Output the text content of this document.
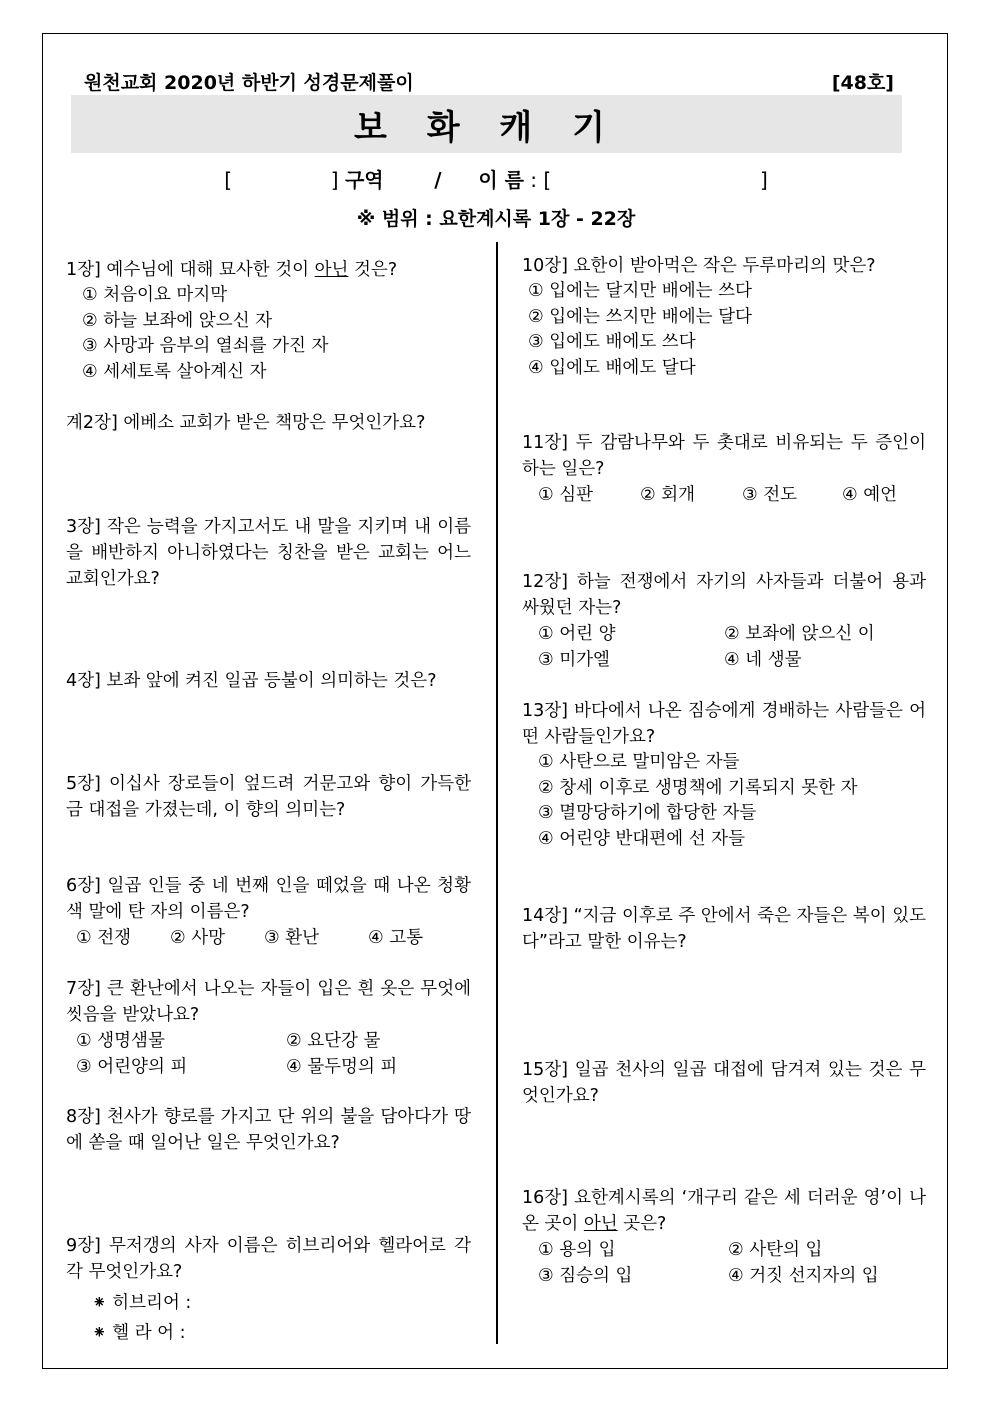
원천교회 2020년 하반기 성경문제풀이	[48호]
보 화 캐 기
[	] 구역	/ 이 름 : [	]
※ 범위 : 요한계시록 1장 - 22장
1장] 예수님에 대해 묘사한 것이 아닌 것은?
① 처음이요 마지막
② 하늘 보좌에 앉으신 자
③ 사망과 음부의 열쇠를 가진 자
④ 세세토록 살아계신 자
계2장] 에베소 교회가 받은 책망은 무엇인가요?
3장] 작은 능력을 가지고서도 내 말을 지키며 내 이름을 배반하지 아니하였다는 칭찬을 받은 교회는 어느 교회인가요?
4장] 보좌 앞에 켜진 일곱 등불이 의미하는 것은?
5장] 이십사 장로들이 엎드려 거문고와 향이 가득한 금 대접을 가졌는데, 이 향의 의미는?
6장] 일곱 인들 중 네 번째 인을 떼었을 때 나온 청황색 말에 탄 자의 이름은?
① 전쟁	② 사망	③ 환난	④ 고통
7장] 큰 환난에서 나오는 자들이 입은 흰 옷은 무엇에 씻음을 받았나요?
① 생명샘물	② 요단강 물
③ 어린양의 피	④ 물두멍의 피
8장] 천사가 향로를 가지고 단 위의 불을 담아다가 땅에 쏟을 때 일어난 일은 무엇인가요?
9장] 무저갱의 사자 이름은 히브리어와 헬라어로 각각 무엇인가요?
⁕ 히브리어 :
⁕ 헬 라 어 :
10장] 요한이 받아먹은 작은 두루마리의 맛은?
① 입에는 달지만 배에는 쓰다
② 입에는 쓰지만 배에는 달다
③ 입에도 배에도 쓰다
④ 입에도 배에도 달다
11장] 두 감람나무와 두 촛대로 비유되는 두 증인이 하는 일은?
① 심판	② 회개	③ 전도	④ 예언
12장] 하늘 전쟁에서 자기의 사자들과 더불어 용과 싸웠던 자는?
① 어린 양	② 보좌에 앉으신 이
③ 미가엘	④ 네 생물
13장] 바다에서 나온 짐승에게 경배하는 사람들은 어떤 사람들인가요?
① 사탄으로 말미암은 자들
② 창세 이후로 생명책에 기록되지 못한 자
③ 멸망당하기에 합당한 자들
④ 어린양 반대편에 선 자들
14장] “지금 이후로 주 안에서 죽은 자들은 복이 있도다”라고 말한 이유는?
15장] 일곱 천사의 일곱 대접에 담겨져 있는 것은 무엇인가요?
16장] 요한계시록의 ‘개구리 같은 세 더러운 영’이 나온 곳이 아닌 곳은?
① 용의 입	② 사탄의 입
③ 짐승의 입	④ 거짓 선지자의 입
